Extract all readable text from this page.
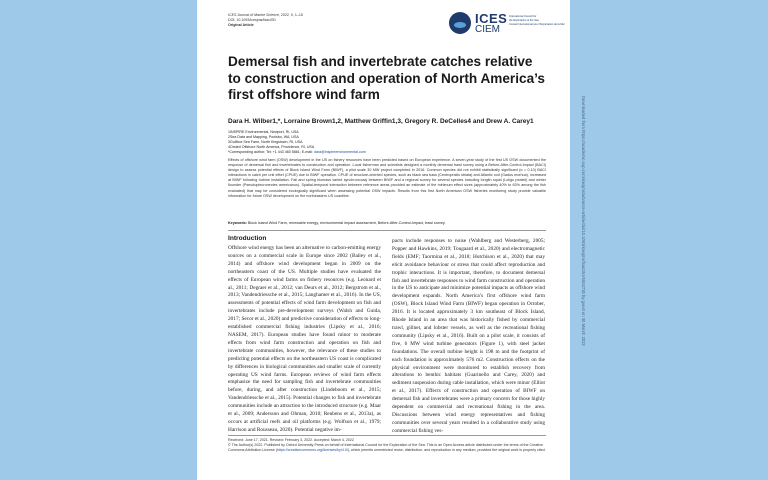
ICES Journal of Marine Science, 2022, 0, 1–15
DOI: 10.1093/icesjms/fsac051
Original Article	ICES
CIEM
International Council for
the Exploration of the Sea
Conseil International pour l'Exploration de la Mer
Demersal fish and invertebrate catches relative to construction and operation of North America’s first offshore wind farm
Dara H. Wilber1,*, Lorraine Brown1,2, Matthew Griffin1,3, Gregory R. DeCelles4 and Drew A. Carey1
1INSPIRE Environmental, Newport, RI, USA
2Sea Data and Mapping, Poolsbo, WA, USA
3Gulfbox Sea Farm, North Kingstown, RI, USA
4Orsted Offshore North America, Providence, RI, USA
*Corresponding author: Tel: +1 443 460 5861; E-mail: dara@inspireenvironmental.com
Effects of offshore wind farm (OSW) development in the US on fishery resources have been predicted based on European experience. A seven-year study of the first US OSW documented the response of demersal fish and invertebrates to construction and operation. Local fisherman and scientists designed a monthly demersal trawl survey using a Before-After-Control-Impact (BACI) design to assess potential effects of Block Island Wind Farm (BIWF), a pilot scale 30 MW project completed in 2016. Common species did not exhibit statistically significant (α = 0.10) BACI interactions in catch per unit effort (CPUE) due to BIWF operation. CPUE of structure-oriented species, such as black sea bass (Centropristis striata) and Atlantic cod (Gadus morhua), increased at BIWF following turbine installation. Fall and spring biomass varied synchronously between BIWF and a regional survey for several species including longfin squid (Loligo pealeii) and winter flounder (Pseudopleuronectes americanus). Spatial-temporal interaction between reference areas provided an estimate of the minimum effect sizes (approximately 40% to 63% among the fish evaluated) that may be considered ecologically significant when assessing potential OSW impacts. Results from this first North American OSW fisheries monitoring study provide valuable information for future OSW development on the northeastern US coastline.
Keywords: Block Island Wind Farm, renewable energy, environmental impact assessment, Before-After-Control-Impact, trawl survey.
Introduction
Offshore wind energy has been an alternative to carbon-emitting energy sources on a commercial scale in Europe since 2002 (Bailey et al., 2014) and offshore wind development began in 2009 on the northeastern coast of the US. Multiple studies have evaluated the effects of European wind farms on fishery resources (e.g. Leonard et al., 2011; Degraer et al., 2012; van Deurs et al., 2012; Bergstrom et al., 2013; Vandendriessche et al., 2015; Langhamer et al., 2016). In the US, assessments of potential effects of wind farm development on fish and invertebrates include pre-development surveys (Walsh and Guida, 2017; Secor et al., 2020) and predictive consideration of effects to long-established commercial fishing industries (Lipsky et al., 2016; NASEM, 2017). European studies have found minor to moderate effects from wind farm construction and operation on fish and invertebrate communities, however, the relevance of these studies to predicting potential effects on the northeastern US coast is complicated by differences in biological communities and smaller scale of currently operating US wind farms. European reviews of wind farm effects emphasize the need for sampling fish and invertebrate communities before, during, and after construction (Lindeboom et al., 2015; Vandendriessche et al., 2015). Potential changes to fish and invertebrate communities include an attraction to the introduced structure (e.g. Maar et al., 2009; Andersson and Ohman, 2010; Reubens et al., 2013a), as occurs at artificial reefs and oil platforms (e.g. Wolfson et al., 1979; Harrison and Rousseau, 2020). Potential negative im-
pacts include responses to noise (Wahlberg and Westerberg, 2005; Popper and Hawkins, 2019; Tougaard et al., 2020) and electromagnetic fields (EMF; Taormina et al., 2018; Hutchison et al., 2020) that may elicit avoidance behaviour or stress that could affect reproduction and trophic interactions. It is important, therefore, to document demersal fish and invertebrate responses to wind farm construction and operation in the US to anticipate and minimize potential impacts as offshore wind development expands. North America’s first offshore wind farm (OSW), Block Island Wind Farm (BIWF) began operation in October, 2016. It is located approximately 3 km southeast of Block Island, Rhode Island in an area that was historically fished by commercial trawl, gillnet, and lobster vessels, as well as the recreational fishing community (Lipsky et al., 2016). Built on a pilot scale, it consists of five, 6 MW wind turbine generators (Figure 1), with steel jacket foundations. The overall turbine height is 198 m and the footprint of each foundation is approximately 576 m2. Construction effects on the physical environment were monitored to establish recovery from alterations to benthic habitats (Guarinello and Carey, 2020) and sediment suspension during cable installation, which were minor (Elliot et al., 2017). Effects of construction and operation of BIWF on demersal fish and invertebrates were a primary concern for those highly dependent on commercial and recreational fishing in the area. Discussions between wind energy representatives and fishing communities over several years resulted in a collaborative study using commercial fishing ves-
Received: June 17, 2021. Revised: February 3, 2022. Accepted: March 4, 2022
© The Author(s) 2022. Published by Oxford University Press on behalf of International Council for the Exploration of the Sea. This is an Open Access article distributed under the terms of the Creative Commons Attribution License (https://creativecommons.org/licenses/by/4.0/), which permits unrestricted reuse, distribution, and reproduction in any medium, provided the original work is properly cited.
Downloaded from https://academic.oup.com/icesjms/advance-article/doi/10.1093/icesjms/fsac051/6553730 by guest on 30 March 2022
